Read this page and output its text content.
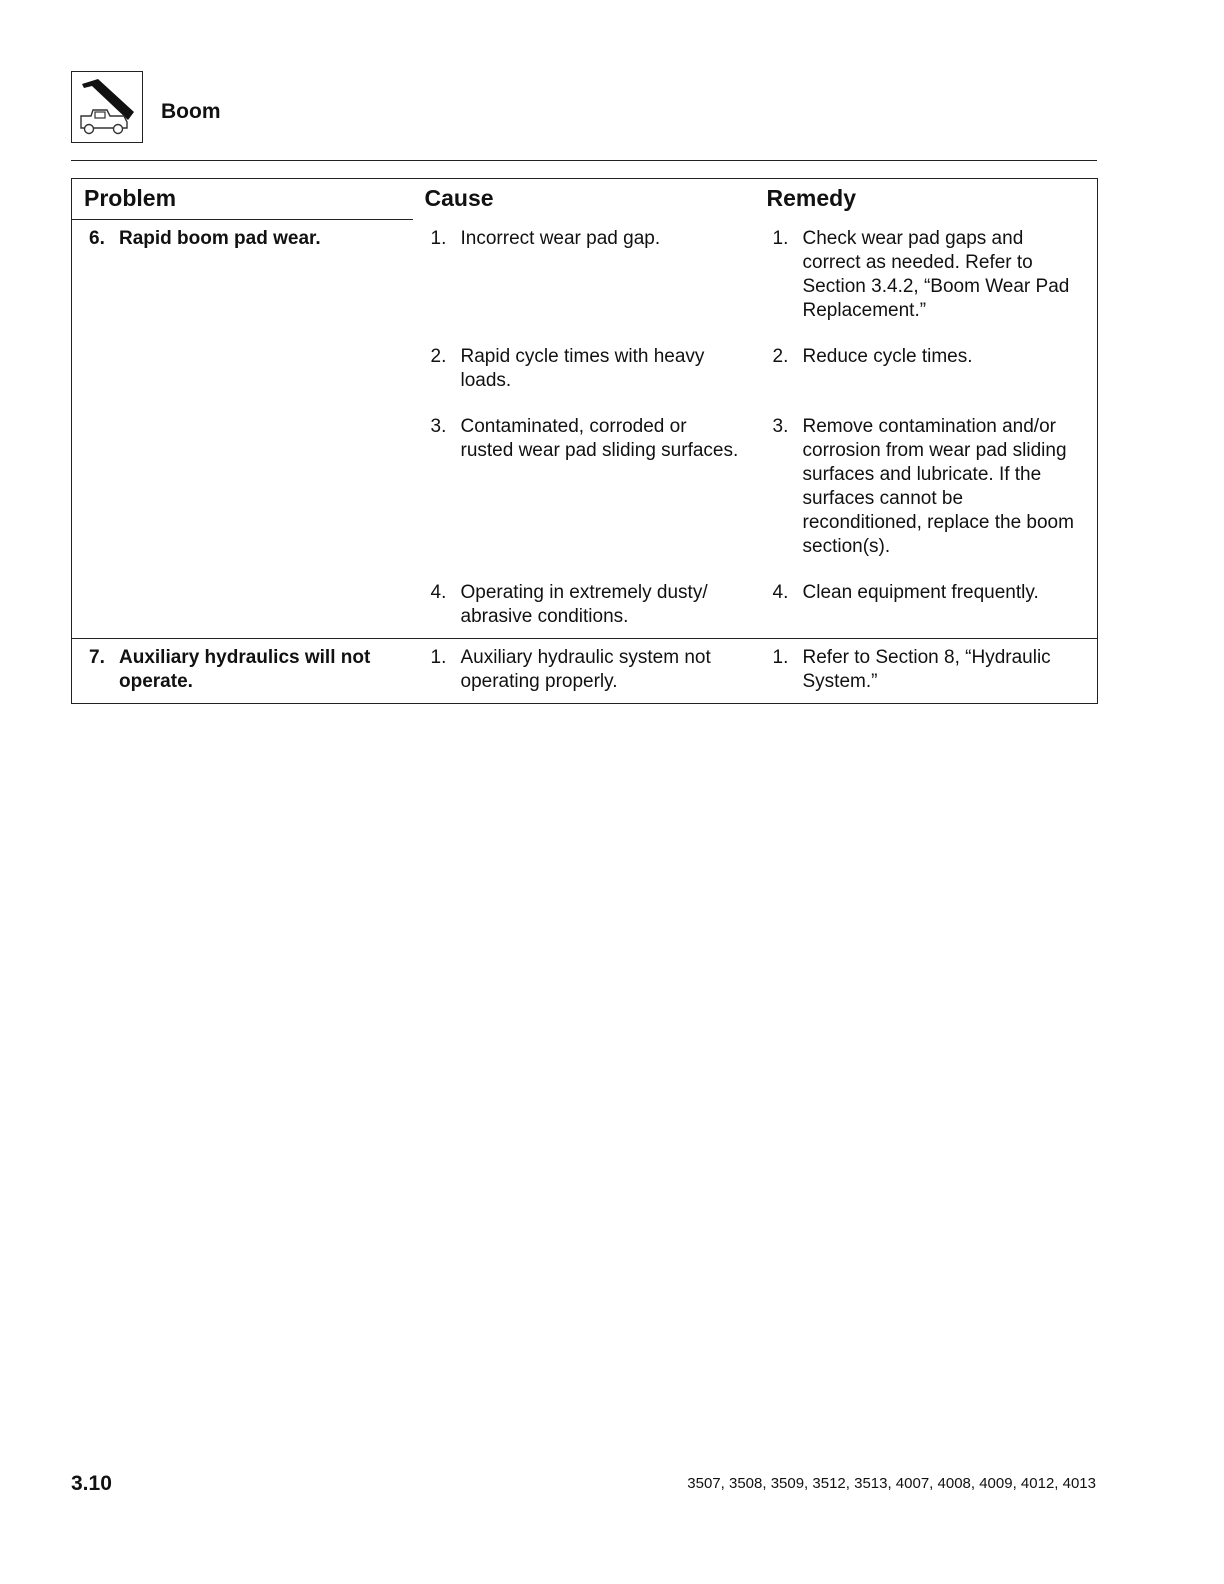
Boom
Problem	Cause	Remedy

6. Rapid boom pad wear.	1. Incorrect wear pad gap.	1. Check wear pad gaps and correct as needed. Refer to Section 3.4.2, “Boom Wear Pad Replacement.”

	2. Rapid cycle times with heavy loads.	2. Reduce cycle times.

	3. Contaminated, corroded or rusted wear pad sliding surfaces.	3. Remove contamination and/or corrosion from wear pad sliding surfaces and lubricate. If the surfaces cannot be reconditioned, replace the boom section(s).

	4. Operating in extremely dusty/ abrasive conditions.	4. Clean equipment frequently.

7. Auxiliary hydraulics will not operate.	1. Auxiliary hydraulic system not operating properly.	1. Refer to Section 8, “Hydraulic System.”
3.10	3507, 3508, 3509, 3512, 3513, 4007, 4008, 4009, 4012, 4013
